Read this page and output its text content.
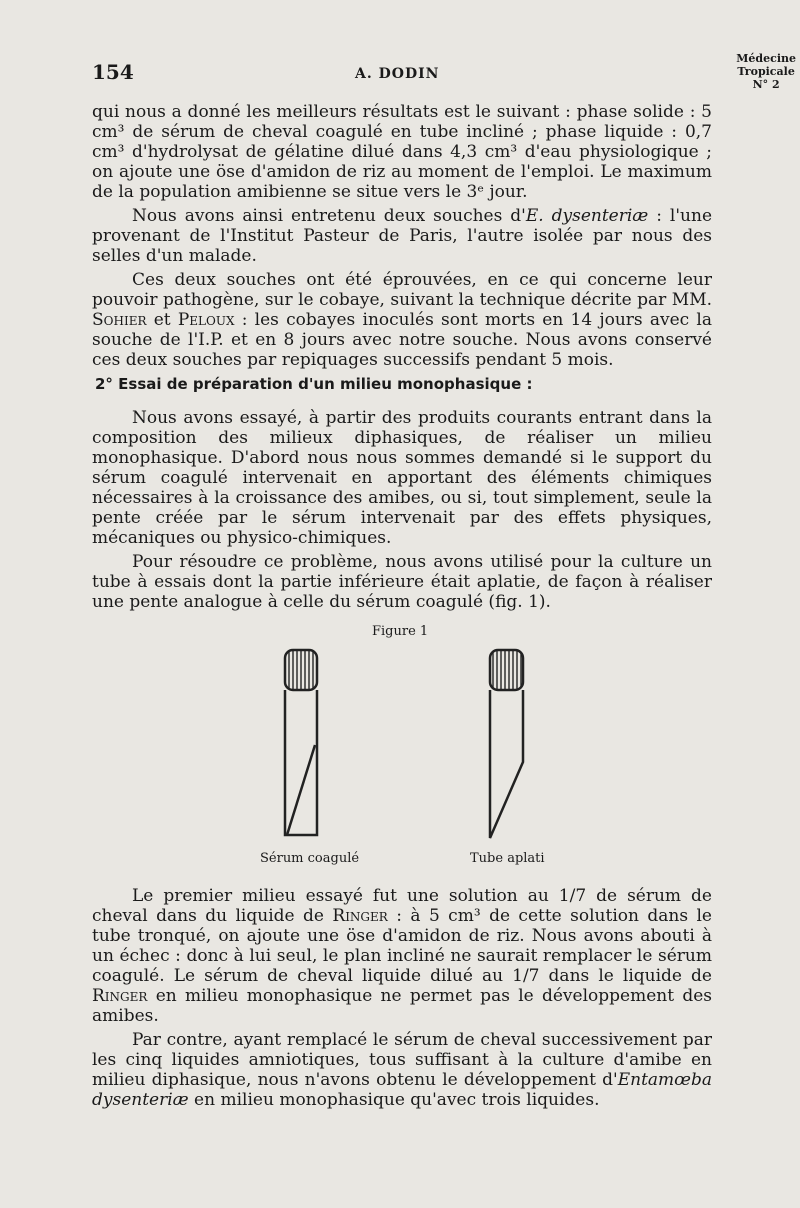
154	A. DODIN
Médecine
Tropicale
N° 2

qui nous a donné les meilleurs résultats est le suivant : phase solide : 5 cm³ de sérum de cheval coagulé en tube incliné ; phase liquide : 0,7 cm³ d'hydrolysat de gélatine dilué dans 4,3 cm³ d'eau physiologique ; on ajoute une öse d'amidon de riz au moment de l'emploi. Le maximum de la population amibienne se situe vers le 3ᵉ jour.

Nous avons ainsi entretenu deux souches d'E. dysenteriæ : l'une provenant de l'Institut Pasteur de Paris, l'autre isolée par nous des selles d'un malade.

Ces deux souches ont été éprouvées, en ce qui concerne leur pouvoir pathogène, sur le cobaye, suivant la technique décrite par MM. Sohier et Peloux : les cobayes inoculés sont morts en 14 jours avec la souche de l'I.P. et en 8 jours avec notre souche. Nous avons conservé ces deux souches par repiquages successifs pendant 5 mois.

2° Essai de préparation d'un milieu monophasique :

Nous avons essayé, à partir des produits courants entrant dans la composition des milieux diphasiques, de réaliser un milieu monophasique. D'abord nous nous sommes demandé si le support du sérum coagulé intervenait en apportant des éléments chimiques nécessaires à la croissance des amibes, ou si, tout simplement, seule la pente créée par le sérum intervenait par des effets physiques, mécaniques ou physico-chimiques.

Pour résoudre ce problème, nous avons utilisé pour la culture un tube à essais dont la partie inférieure était aplatie, de façon à réaliser une pente analogue à celle du sérum coagulé (fig. 1).

Figure 1
Sérum coagulé	Tube aplati

Le premier milieu essayé fut une solution au 1/7 de sérum de cheval dans du liquide de Ringer : à 5 cm³ de cette solution dans le tube tronqué, on ajoute une öse d'amidon de riz. Nous avons abouti à un échec : donc à lui seul, le plan incliné ne saurait remplacer le sérum coagulé. Le sérum de cheval liquide dilué au 1/7 dans le liquide de Ringer en milieu monophasique ne permet pas le développement des amibes.

Par contre, ayant remplacé le sérum de cheval successivement par les cinq liquides amniotiques, tous suffisant à la culture d'amibe en milieu diphasique, nous n'avons obtenu le développement d'Entamœba dysenteriæ en milieu monophasique qu'avec trois liquides.
